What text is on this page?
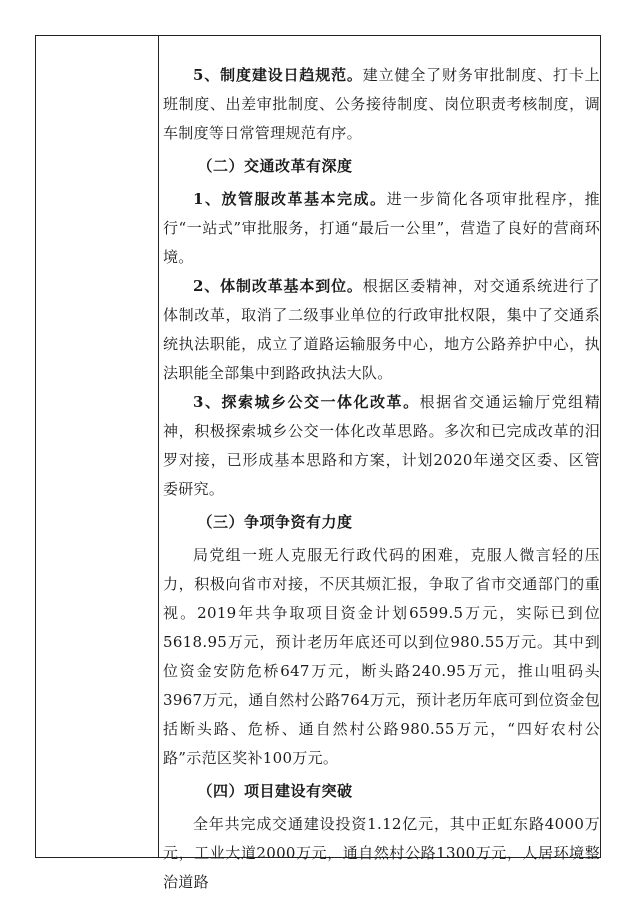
5、制度建设日趋规范。建立健全了财务审批制度、打卡上班制度、出差审批制度、公务接待制度、岗位职责考核制度，调车制度等日常管理规范有序。

（二）交通改革有深度

1、放管服改革基本完成。进一步简化各项审批程序，推行“一站式”审批服务，打通“最后一公里”，营造了良好的营商环境。

2、体制改革基本到位。根据区委精神，对交通系统进行了体制改革，取消了二级事业单位的行政审批权限，集中了交通系统执法职能，成立了道路运输服务中心，地方公路养护中心，执法职能全部集中到路政执法大队。

3、探索城乡公交一体化改革。根据省交通运输厅党组精神，积极探索城乡公交一体化改革思路。多次和已完成改革的汨罗对接，已形成基本思路和方案，计划2020年递交区委、区管委研究。

（三）争项争资有力度

局党组一班人克服无行政代码的困难，克服人微言轻的压力，积极向省市对接，不厌其烦汇报，争取了省市交通部门的重视。2019年共争取项目资金计划6599.5万元，实际已到位5618.95万元，预计老历年底还可以到位980.55万元。其中到位资金安防危桥647万元，断头路240.95万元，推山咀码头3967万元，通自然村公路764万元，预计老历年底可到位资金包括断头路、危桥、通自然村公路980.55万元，“四好农村公路”示范区奖补100万元。

（四）项目建设有突破

全年共完成交通建设投资1.12亿元，其中正虹东路4000万元，工业大道2000万元，通自然村公路1300万元，人居环境整治道路
